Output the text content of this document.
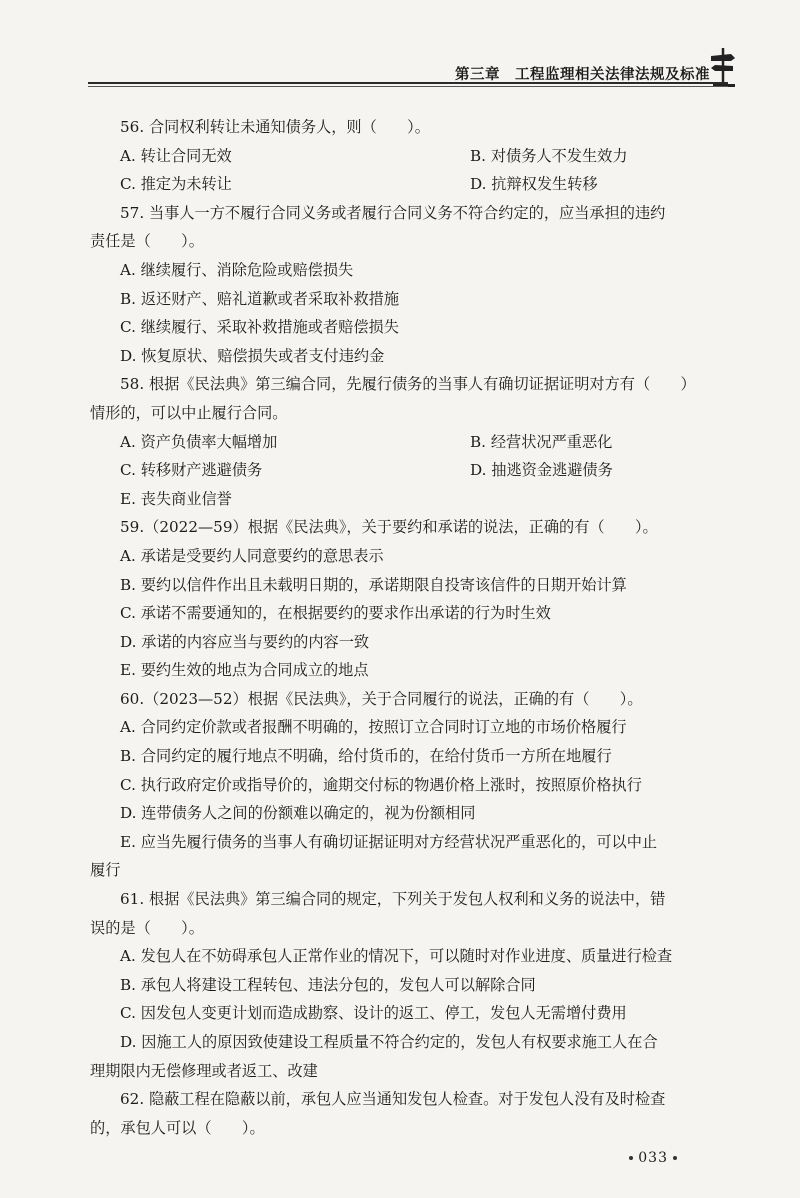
第三章　工程监理相关法律法规及标准
56. 合同权利转让未通知债务人，则（　　）。
A. 转让合同无效	B. 对债务人不发生效力
C. 推定为未转让	D. 抗辩权发生转移
57. 当事人一方不履行合同义务或者履行合同义务不符合约定的，应当承担的违约
责任是（　　）。
A. 继续履行、消除危险或赔偿损失
B. 返还财产、赔礼道歉或者采取补救措施
C. 继续履行、采取补救措施或者赔偿损失
D. 恢复原状、赔偿损失或者支付违约金
58. 根据《民法典》第三编合同，先履行债务的当事人有确切证据证明对方有（　　）
情形的，可以中止履行合同。
A. 资产负债率大幅增加	B. 经营状况严重恶化
C. 转移财产逃避债务	D. 抽逃资金逃避债务
E. 丧失商业信誉
59.（2022—59）根据《民法典》，关于要约和承诺的说法，正确的有（　　）。
A. 承诺是受要约人同意要约的意思表示
B. 要约以信件作出且未载明日期的，承诺期限自投寄该信件的日期开始计算
C. 承诺不需要通知的，在根据要约的要求作出承诺的行为时生效
D. 承诺的内容应当与要约的内容一致
E. 要约生效的地点为合同成立的地点
60.（2023—52）根据《民法典》，关于合同履行的说法，正确的有（　　）。
A. 合同约定价款或者报酬不明确的，按照订立合同时订立地的市场价格履行
B. 合同约定的履行地点不明确，给付货币的，在给付货币一方所在地履行
C. 执行政府定价或指导价的，逾期交付标的物遇价格上涨时，按照原价格执行
D. 连带债务人之间的份额难以确定的，视为份额相同
E. 应当先履行债务的当事人有确切证据证明对方经营状况严重恶化的，可以中止
履行
61. 根据《民法典》第三编合同的规定，下列关于发包人权利和义务的说法中，错
误的是（　　）。
A. 发包人在不妨碍承包人正常作业的情况下，可以随时对作业进度、质量进行检查
B. 承包人将建设工程转包、违法分包的，发包人可以解除合同
C. 因发包人变更计划而造成勘察、设计的返工、停工，发包人无需增付费用
D. 因施工人的原因致使建设工程质量不符合约定的，发包人有权要求施工人在合
理期限内无偿修理或者返工、改建
62. 隐蔽工程在隐蔽以前，承包人应当通知发包人检查。对于发包人没有及时检查
的，承包人可以（　　）。
033
